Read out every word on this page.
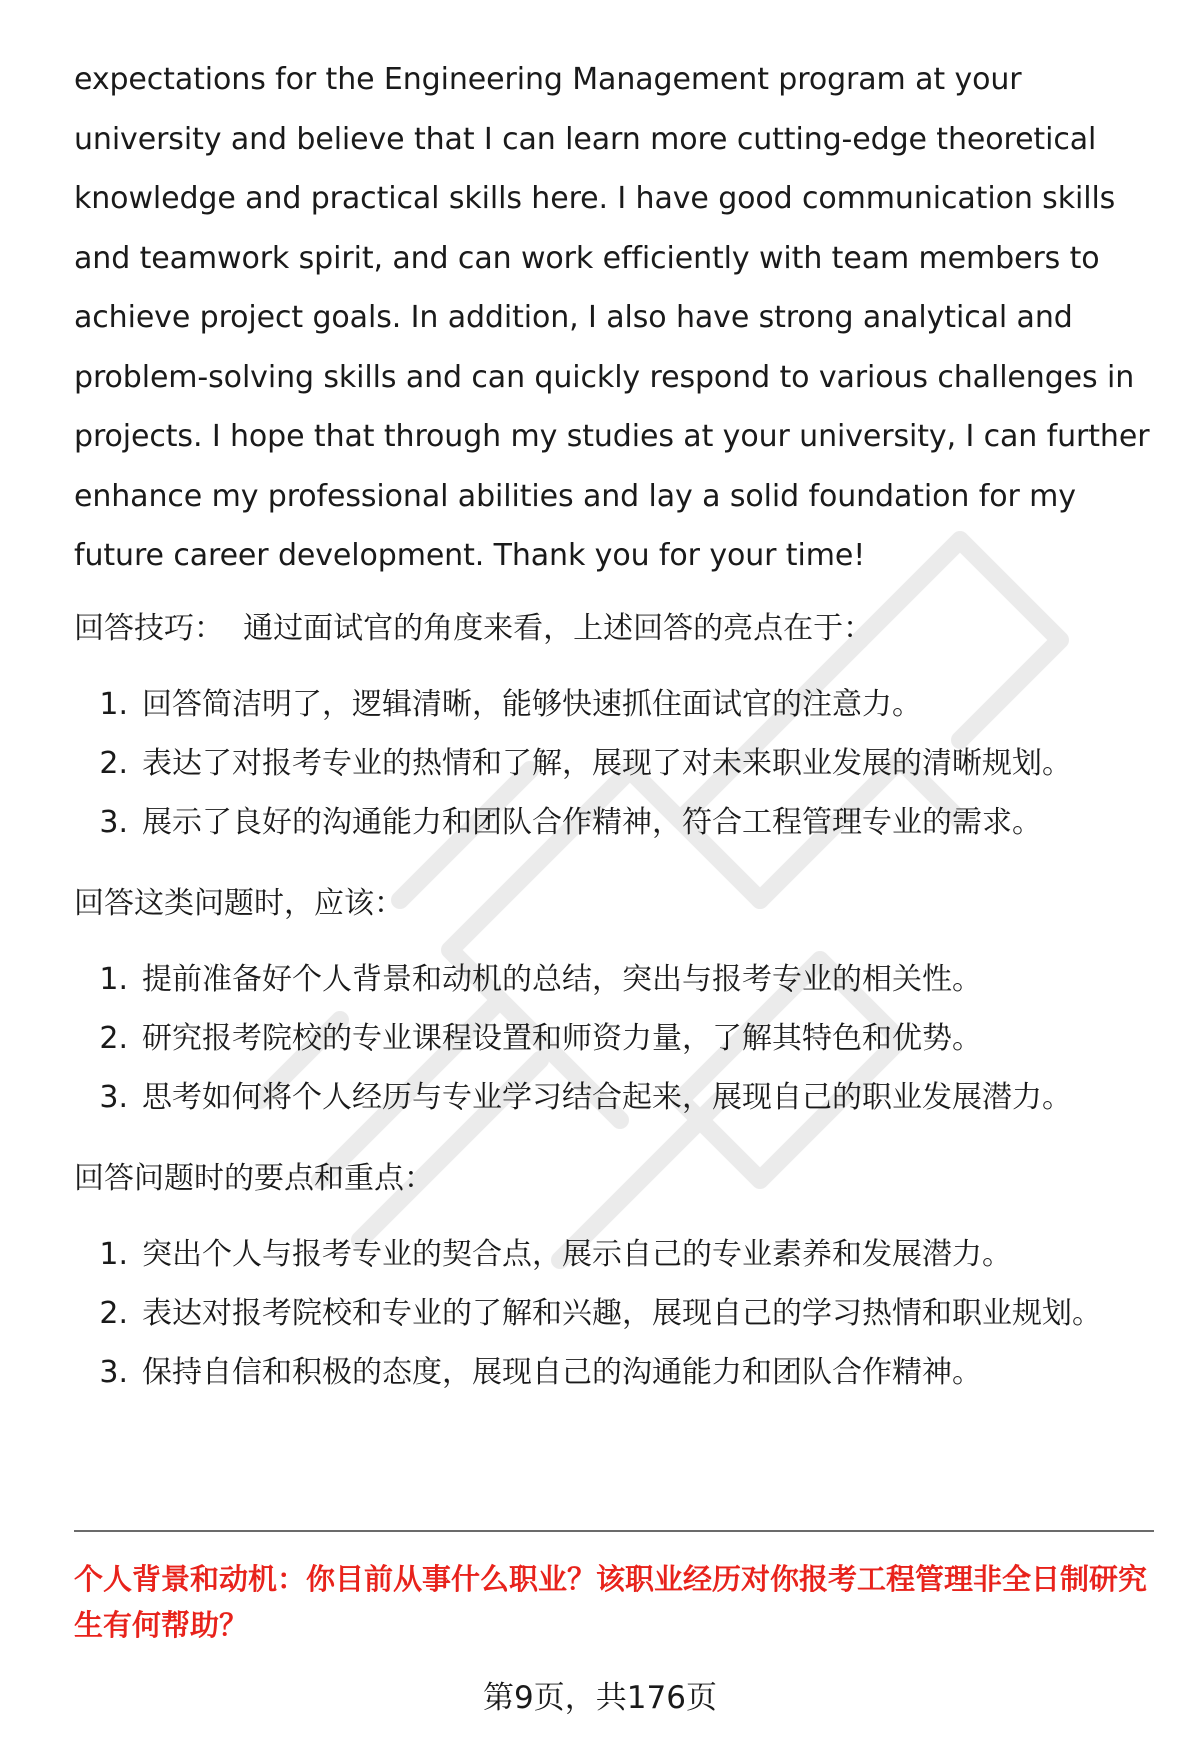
expectations for the Engineering Management program at your university and believe that I can learn more cutting-edge theoretical knowledge and practical skills here. I have good communication skills and teamwork spirit, and can work efficiently with team members to achieve project goals. In addition, I also have strong analytical and problem-solving skills and can quickly respond to various challenges in projects. I hope that through my studies at your university, I can further enhance my professional abilities and lay a solid foundation for my future career development. Thank you for your time!

回答技巧：  通过面试官的角度来看，上述回答的亮点在于：

1. 回答简洁明了，逻辑清晰，能够快速抓住面试官的注意力。
2. 表达了对报考专业的热情和了解，展现了对未来职业发展的清晰规划。
3. 展示了良好的沟通能力和团队合作精神，符合工程管理专业的需求。

回答这类问题时，应该：

1. 提前准备好个人背景和动机的总结，突出与报考专业的相关性。
2. 研究报考院校的专业课程设置和师资力量，了解其特色和优势。
3. 思考如何将个人经历与专业学习结合起来，展现自己的职业发展潜力。

回答问题时的要点和重点：

1. 突出个人与报考专业的契合点，展示自己的专业素养和发展潜力。
2. 表达对报考院校和专业的了解和兴趣，展现自己的学习热情和职业规划。
3. 保持自信和积极的态度，展现自己的沟通能力和团队合作精神。

个人背景和动机：你目前从事什么职业？该职业经历对你报考工程管理非全日制研究生有何帮助？

第9页，共176页
